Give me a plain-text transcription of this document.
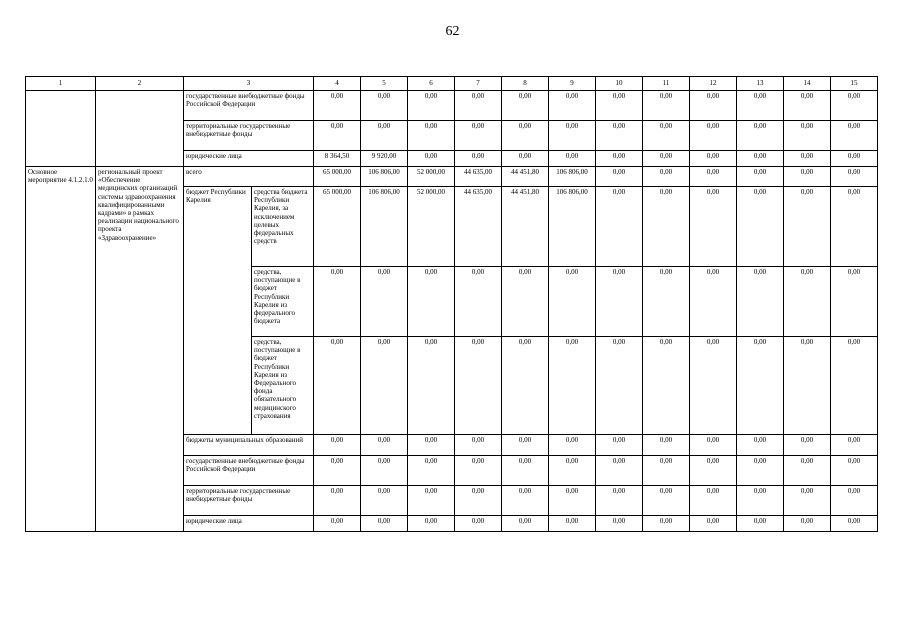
62
1	2	3		4	5	6	7	8	9	10	11	12	13	14	15
		государственные внебюджетные фонды Российской Федерации		0,00	0,00	0,00	0,00	0,00	0,00	0,00	0,00	0,00	0,00	0,00	0,00
		территориальные государственные внебюджетные фонды		0,00	0,00	0,00	0,00	0,00	0,00	0,00	0,00	0,00	0,00	0,00	0,00
		юридические лица		8 364,50	9 920,00	0,00	0,00	0,00	0,00	0,00	0,00	0,00	0,00	0,00	0,00
Основное мероприятие 4.1.2.1.0	региональный проект «Обеспечение медицинских организаций системы здравоохранения квалифицированными кадрами» в рамках реализации национального проекта «Здравоохранение»	всего		65 000,00	106 806,00	52 000,00	44 635,00	44 451,80	106 806,00	0,00	0,00	0,00	0,00	0,00	0,00
		бюджет Республики Карелия	средства бюджета Республики Карелия, за исключением целевых федеральных средств	65 000,00	106 806,00	52 000,00	44 635,00	44 451,80	106 806,00	0,00	0,00	0,00	0,00	0,00	0,00
			средства, поступающие в бюджет Республики Карелия из федерального бюджета	0,00	0,00	0,00	0,00	0,00	0,00	0,00	0,00	0,00	0,00	0,00	0,00
			средства, поступающие в бюджет Республики Карелия из Федерального фонда обязательного медицинского страхования	0,00	0,00	0,00	0,00	0,00	0,00	0,00	0,00	0,00	0,00	0,00	0,00
		бюджеты муниципальных образований		0,00	0,00	0,00	0,00	0,00	0,00	0,00	0,00	0,00	0,00	0,00	0,00
		государственные внебюджетные фонды Российской Федерации		0,00	0,00	0,00	0,00	0,00	0,00	0,00	0,00	0,00	0,00	0,00	0,00
		территориальные государственные внебюджетные фонды		0,00	0,00	0,00	0,00	0,00	0,00	0,00	0,00	0,00	0,00	0,00	0,00
		юридические лица		0,00	0,00	0,00	0,00	0,00	0,00	0,00	0,00	0,00	0,00	0,00	0,00
